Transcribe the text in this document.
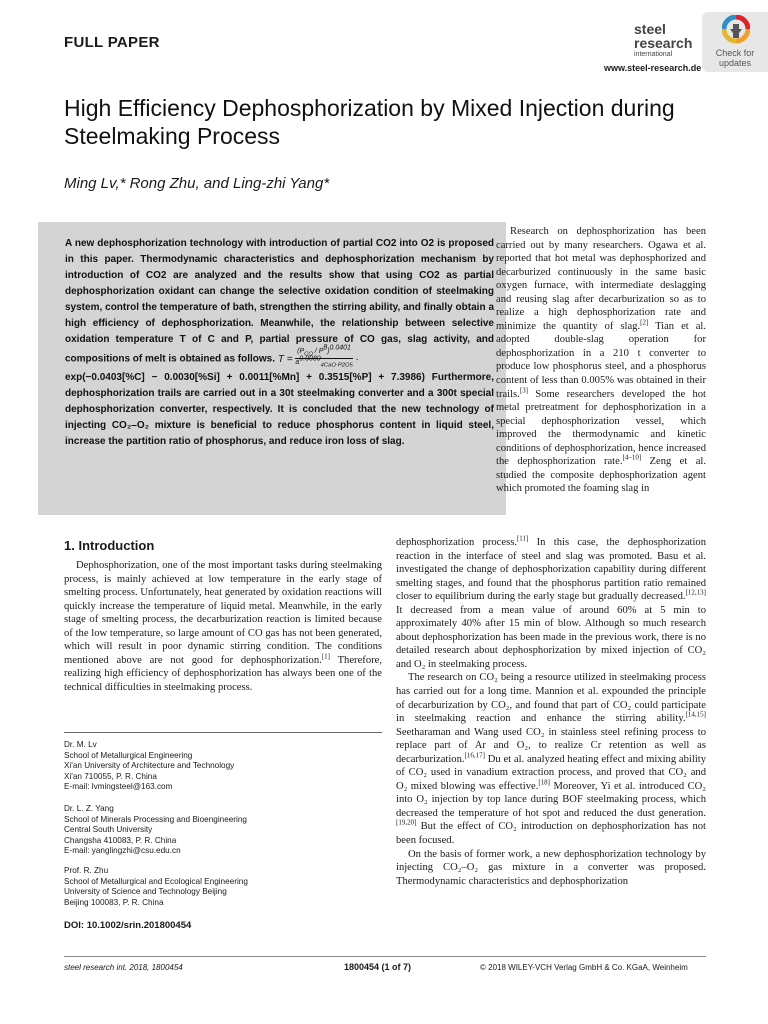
FULL PAPER
steel
research
international	Check for
updates
www.steel-research.de
High Efficiency Dephosphorization by Mixed Injection during Steelmaking Process
Ming Lv,* Rong Zhu, and Ling-zhi Yang*

A new dephosphorization technology with introduction of partial CO2 into O2 is proposed in this paper. Thermodynamic characteristics and dephosphorization mechanism by introduction of CO2 are analyzed and the results show that using CO2 as partial dephosphorization oxidant can change the selective oxidation condition of steelmaking system, control the temperature of bath, strengthen the stirring ability, and finally obtain a high efficiency of dephosphorization. Meanwhile, the relationship between selective oxidation temperature T of C and P, partial pressure of CO gas, slag activity, and compositions of melt is obtained as follows. T =
$(P_{CO} / P^\theta)^{0.0401}$
$a^{0.0080}_{4CaO\cdot P2O5}$
·
exp(−0.0403[%C] − 0.0030[%Si] + 0.0011[%Mn] + 0.3515[%P] + 7.3986) Furthermore, dephosphorization trails are carried out in a 30t steelmaking converter and a 300t special dephosphorization converter, respectively. It is concluded that the new technology of injecting CO₂–O₂ mixture is beneficial to reduce phosphorus content in liquid steel, increase the partition ratio of phosphorus, and reduce iron loss of slag.

1. Introduction

Dephosphorization, one of the most important tasks during steelmaking process, is mainly achieved at low temperature in the early stage of smelting process. Unfortunately, heat generated by oxidation reactions will quickly increase the temperature of liquid metal. Meanwhile, in the early stage of smelting process, the decarburization reaction is limited because of the low temperature, so large amount of CO gas has not been generated, which will result in poor dynamic stirring condition. The conditions mentioned above are not good for dephosphorization.[1] Therefore, realizing high efficiency of dephosphorization has always been one of the technical difficulties in steelmaking process.

Dr. M. Lv
School of Metallurgical Engineering
Xi'an University of Architecture and Technology
Xi'an 710055, P. R. China
E-mail: lvmingsteel@163.com
Dr. L. Z. Yang
School of Minerals Processing and Bioengineering
Central South University
Changsha 410083, P. R. China
E-mail: yanglingzhi@csu.edu.cn
Prof. R. Zhu
School of Metallurgical and Ecological Engineering
University of Science and Technology Beijing
Beijing 100083, P. R. China
DOI: 10.1002/srin.201800454

Research on dephosphorization has been carried out by many researchers. Ogawa et al. reported that hot metal was dephosphorized and decarburized continuously in the same basic oxygen furnace, with intermediate deslagging and reusing slag after decarburization so as to realize a high dephosphorization rate and minimize the quantity of slag.[2] Tian et al. adopted double-slag operation for dephosphorization in a 210 t converter to produce low phosphorus steel, and a phosphorus content of less than 0.005% was obtained in their trails.[3] Some researchers developed the hot metal pretreatment for dephosphorization in a special dephosphorization vessel, which improved the thermodynamic and kinetic conditions of dephosphorization, hence increased the dephosphorization rate.[4–10] Zeng et al. studied the composite dephosphorization agent which promoted the foaming slag in

dephosphorization process.[11] In this case, the dephosphorization reaction in the interface of steel and slag was promoted. Basu et al. investigated the change of dephosphorization capability during different smelting stages, and found that the phosphorus partition ratio remained closer to equilibrium during the early stage but gradually decreased.[12,13] It decreased from a mean value of around 60% at 5 min to approximately 40% after 15 min of blow. Although so much research about dephosphorization has been made in the previous work, there is no detailed research about dephosphorization by mixed injection of CO₂ and O₂ in steelmaking process.

The research on CO₂ being a resource utilized in steelmaking process has carried out for a long time. Mannion et al. expounded the principle of decarburization by CO₂, and found that part of CO₂ could participate in steelmaking reaction and enhance the stirring ability.[14,15] Seetharaman and Wang used CO₂ in stainless steel refining process to replace part of Ar and O₂, to realize Cr retention as well as decarburization.[16,17] Du et al. analyzed heating effect and mixing ability of CO₂ used in vanadium extraction process, and proved that CO₂ and O₂ mixed blowing was effective.[18] Moreover, Yi et al. introduced CO₂ into O₂ injection by top lance during BOF steelmaking process, which decreased the temperature of hot spot and reduced the dust generation.[19,20] But the effect of CO₂ introduction on dephosphorization has not been focused.

On the basis of former work, a new dephosphorization technology by injecting CO₂–O₂ gas mixture in a converter was proposed. Thermodynamic characteristics and dephosphorization

steel research int. 2018, 1800454	1800454 (1 of 7)	© 2018 WILEY-VCH Verlag GmbH & Co. KGaA, Weinheim
